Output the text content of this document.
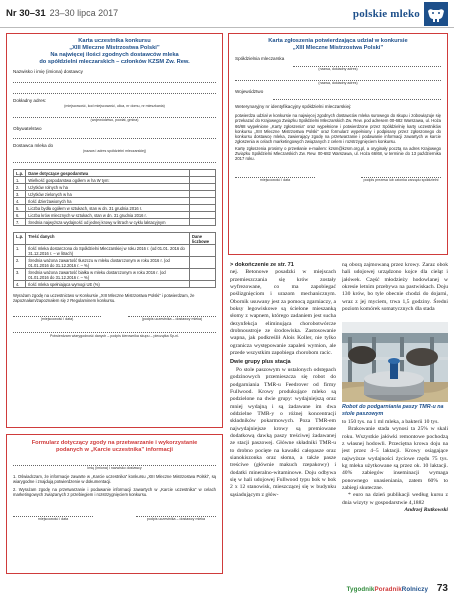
Nr 30–31 23–30 lipca 2017	polskie mleko
Karta uczestnika konkursu
„XIII Mleczne Mistrzostwa Polski”
Na najwięcej ilości zgodnych dostawców mleka
do spółdzielni mleczarskich – członków KZSM Zw. Rew.
Nazwisko i imię (imiona) dostawcy
Dokładny adres:
(miejscowość, kod miejscowość, ulica, nr domu, nr mieszkania)
(województwo, powiat, gmina)
Obywatelstwo
Dostawca mleka do
(nazwa i adres spółdzielni mleczarskiej)
L.p.	Dane dotyczące gospodarstwa	
1.	Wielkość gospodarstwa ogółem w ha W tym:	
2.	Użytków rolnych w ha	
3.	Użytków zielonych w ha	
4.	Ilość dzierżawionych ha	
5.	Liczba bydła ogółem w sztukach, stan w dn. 31 grudnia 2016 r.	
6.	Liczba krów mlecznych w sztukach, stan w dn. 31 grudnia 2016 r.	
7.	Średnia najwyższa wydajność od jednej krowy w litrach w cyklu laktacyjnym	
L.p.	Treść danych	Dane liczbowe
1.	Ilość mleka dostarczona do Spółdzielni Mleczarskiej w roku 2016 r. (od 01.01. 2016 do 31.12.2016 r. – w litrach)	
2.	Średnia ważona zawartość tłuszczu w mleku dostarczonym w roku 2016 r. (od 01.01.2016 do 31.12.2016 r. – %)	
3.	Średnia ważona zawartość białka w mleku dostarczonym w roku 2016 r. (od 01.01.2016 do 31.12.2016 r. – %)	
4.	Ilość mleka spełniająca wymogi UE (%)	
Wyrażam zgodę na uczestnictwo w Konkursie „XIII Mleczne Mistrzostwa Polski” i potwierdzam, że zapoznałam/zapoznałem się z Regulaminem konkursu.
(miejscowość i data)	(podpis uczestnika – dostawcy mleka)
Potwierdzam wiarygodność danych – podpis kierownika skupu – pieczątka Sp-ni.
Karta zgłoszenia potwierdzająca udział w konkursie
„XIII Mleczne Mistrzostwa Polski”
Spółdzielnia mleczarska
(nazwa, dokładny adres)
(nazwa, dokładny adres)
Województwo
Weterynaryjny nr identyfikacyjny spółdzielni mleczarskiej:
potwierdza udział w konkursie na najwięcej zgodnych dostawców mleka surowego do skupu i zobowiązuje się przekazać do Krajowego Związku Spółdzielni Mleczarskich Zw. Rew. pod adresem 00-682 Warszawa, ul. Hoża 66/68 wypełnione „Karty zgłoszenia” oraz wypełnione i potwierdzone przez Spółdzielnię karty uczestników konkursu „XIII Mleczne Mistrzostwa Polski” oraz formularz wypełniony i podpisany przez zgłoszonego do konkursu dostawcę mleka, zawierający zgodę na przetwarzanie i podawanie informacji zawartych w karcie zgłoszenia w celach marketingowych związanych z celem i rozstrzygnięciem konkursu.
Kartę zgłoszenia prosimy o przesłanie e-mailem: kzsm@kzsm.org.pl, a oryginały pocztą na adres Krajowego Związku Spółdzielni Mleczarskich Zw. Rew. 00-682 Warszawa, ul. Hoża 66/68, w terminie do 13 października 2017 roku.
miejscowość i data	podpis prezesa lub członka zarządu spółdzielni
Formularz dotyczący zgody na przetwarzanie i wykorzystanie
podanych w „Karcie uczestnika” informacji
Imię (imiona) i nazwisko dostawcy
1. Oświadczam, że informacje zawarte w „Karcie uczestnika” konkursu „XIII Mleczne Mistrzostwa Polski”, są wiarygodne i znajdują potwierdzenie w dokumentacji.
2. Wyrażam zgodę na przetwarzanie i podawanie informacji zawartych w „Karcie uczestnika” w celach marketingowych związanych z przebiegiem i rozstrzygnięciem konkursu.
miejscowość i data	podpis uczestnika – dostawcy mleka
> dokończenie ze str. 71

nej. Betonowe posadzki w miejscach przemieszczania się krów zostały wyfrezowane, co ma zapobiegać poślizgnięciom i urazom mechanicznym. Obornik usuwany jest za pomocą zgarniaczy, a boksy legowiskowe są ścielone mieszanką słomy z wapnem, którego zadaniem jest sucha dezynfekcja eliminująca chorobotwórcze drobnoustroje ze środowiska. Zastosowanie wapna, jak podkreślił Alois Koller, nie tylko ogranicza występowanie zapaleń wymion, ale przede wszystkim zapobiega chorobom racic.

Dwie grupy plus stacja

Po stole paszowym w ustalonych odstępach godzinowych przemieszcza się robot do podgarniania TMR-u Feedrover od firmy Fullwood. Krowy produkujące mleko są podzielone na dwie grupy: wydajniejszą oraz mniej wydajną i są żadawane im dwa oddzielne TMR-y o różnej koncentracji składników pokarmowych. Poza TMR-em najwydajniejsze krowy są premiowane dodatkową dawką paszy treściwej żadawanej ze stacji paszowej. Główne składniki TMR-u to drobno pocięte na kawałki całopasze oraz sianokiszonka oraz słoma, a także pasze treściwe (głównie makuch rzepakowy) i dodatki mineralno-witaminowe. Doju odbywa się w hali udojowej Fullwood typu bok w bok 2 x 12 stanowisk, mieszczącej się w budynku sąsiadującym z głów-

Robot do podgarniania paszy TMR-u na stole paszowym

to 150 tys. na 1 ml mleka, a bakterii 10 tys.

Brakowanie stada wynosi ta 25% w skali roku. Wszystkie jałówki remontowe pochodzą z własnej hodowli. Przeciętna krowa doju na jest przez 4–5 laktacji. Krowy osiągające najwyższe wydajności życiowe rzędu 75 tys. kg mleka użytkowane są przez ok. 10 laktacji. 40% zabiegów inseminacji wymaga ponownego unasieniania, zatem 60% to zabiegi skuteczne.

* euro na dzień publikacji według kursu z dnia wizyty w gospodarstwie 4,1882

Andrzej Rutkowski
TygodnikPoradnikRolniczy 73

ną oborą zajmowaną przez krowy. Zaraz obok hali udojowej urządzono kojce dla cieląt i jałówek. Część młodzieży hodowlanej w okresie letnim przebywa na pastwiskach. Doju 130 krów, bo tyle obecnie chodzi do dojarni, wraz z jej myciem, trwa 1,5 godziny. Średni poziom komórek somatycznych dla stada
